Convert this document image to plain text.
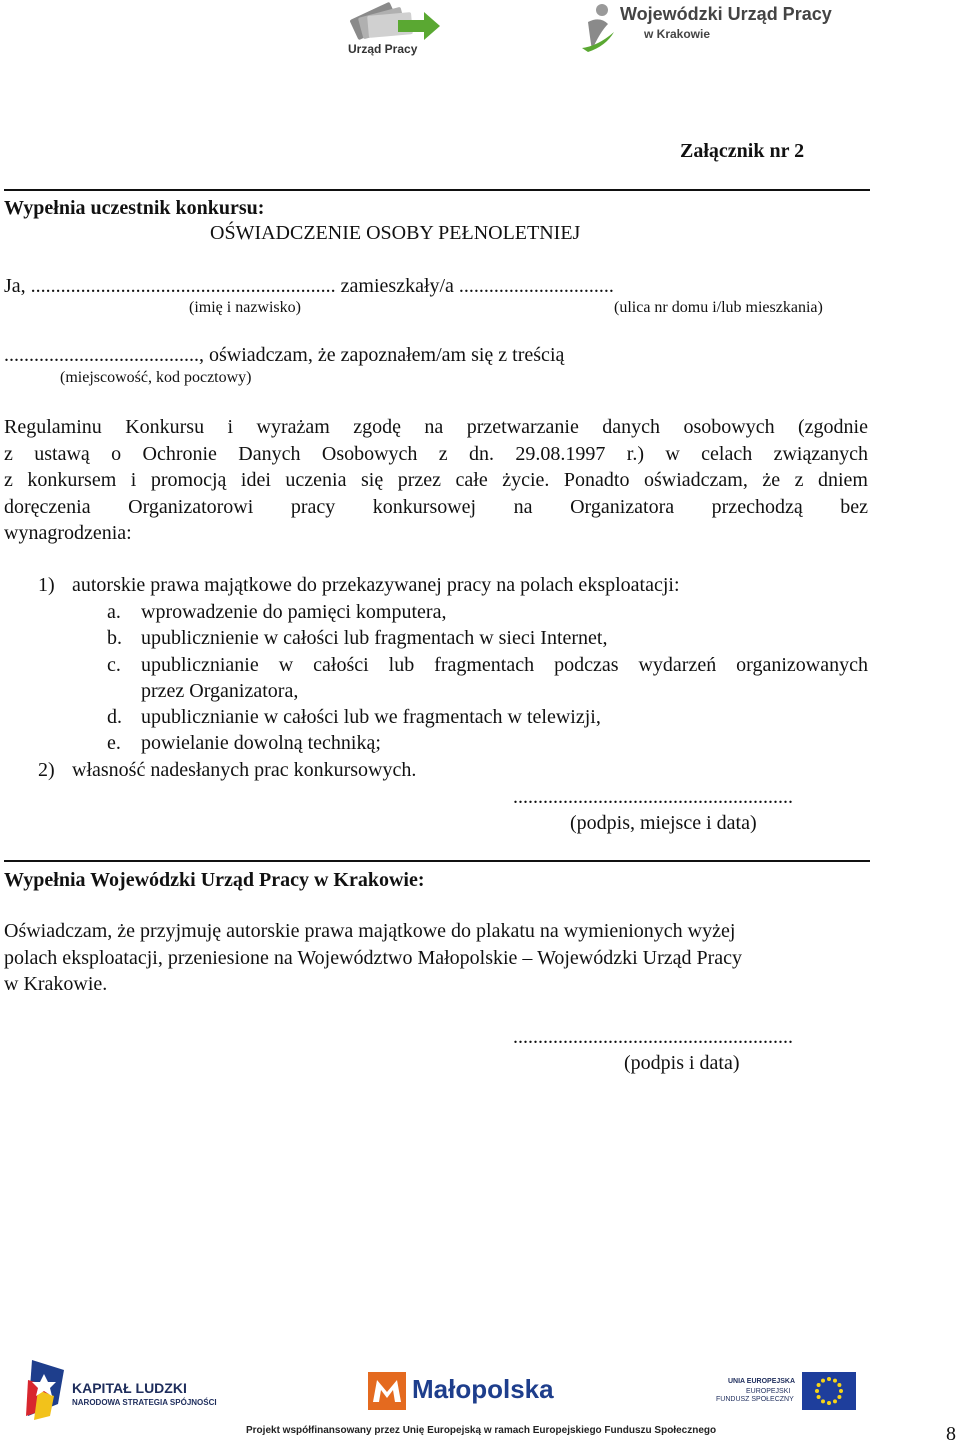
Urząd Pracy
Wojewódzki Urząd Pracy
w Krakowie
Załącznik nr 2
Wypełnia uczestnik konkursu:
OŚWIADCZENIE OSOBY PEŁNOLETNIEJ
Ja, ............................................................. zamieszkały/a ...............................
(imię i nazwisko)	(ulica nr domu i/lub mieszkania)
......................................., oświadczam, że zapoznałem/am się z treścią
(miejscowość, kod pocztowy)
Regulaminu Konkursu i wyrażam zgodę na przetwarzanie danych osobowych (zgodnie
z ustawą o Ochronie Danych Osobowych z dn. 29.08.1997 r.) w celach związanych
z konkursem i promocją idei uczenia się przez całe życie. Ponadto oświadczam, że z dniem
doręczenia Organizatorowi pracy konkursowej na Organizatora przechodzą bez
wynagrodzenia:
1) autorskie prawa majątkowe do przekazywanej pracy na polach eksploatacji:
a. wprowadzenie do pamięci komputera,
b. upublicznienie w całości lub fragmentach w sieci Internet,
c. upublicznianie w całości lub fragmentach podczas wydarzeń organizowanych
przez Organizatora,
d. upublicznianie w całości lub we fragmentach w telewizji,
e. powielanie dowolną techniką;
2) własność nadesłanych prac konkursowych.
........................................................
(podpis, miejsce i data)
Wypełnia Wojewódzki Urząd Pracy w Krakowie:
Oświadczam, że przyjmuję autorskie prawa majątkowe do plakatu na wymienionych wyżej
polach eksploatacji, przeniesione na Województwo Małopolskie – Wojewódzki Urząd Pracy
w Krakowie.
........................................................
(podpis i data)
KAPITAŁ LUDZKI
NARODOWA STRATEGIA SPÓJNOŚCI	Małopolska	UNIA EUROPEJSKA
EUROPEJSKI
FUNDUSZ SPOŁECZNY
Projekt współfinansowany przez Unię Europejską w ramach Europejskiego Funduszu Społecznego	8
